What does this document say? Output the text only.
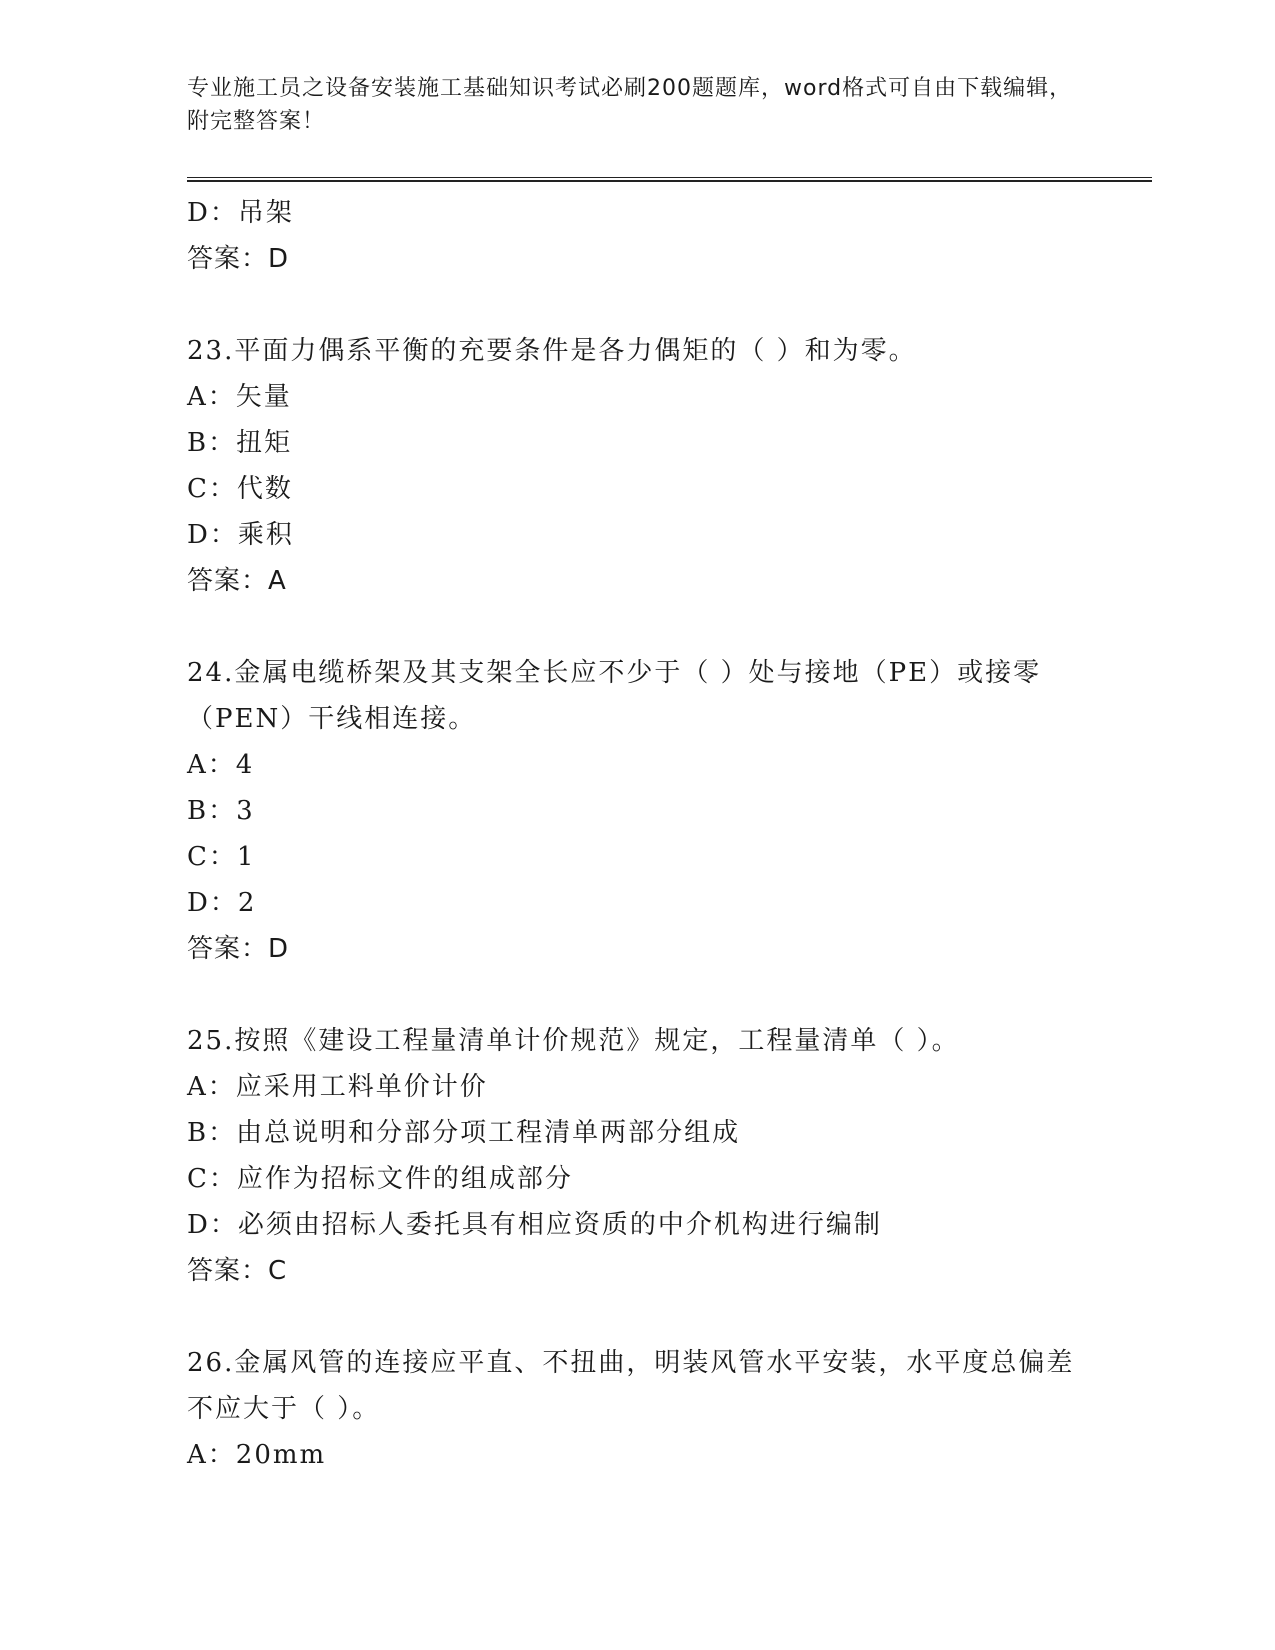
专业施工员之设备安装施工基础知识考试必刷200题题库，word格式可自由下载编辑，附完整答案！
D：吊架
答案：D
23.平面力偶系平衡的充要条件是各力偶矩的（ ）和为零。
A：矢量
B：扭矩
C：代数
D：乘积
答案：A
24.金属电缆桥架及其支架全长应不少于（ ）处与接地（PE）或接零（PEN）干线相连接。
A：4
B：3
C：1
D：2
答案：D
25.按照《建设工程量清单计价规范》规定，工程量清单（ ）。
A：应采用工料单价计价
B：由总说明和分部分项工程清单两部分组成
C：应作为招标文件的组成部分
D：必须由招标人委托具有相应资质的中介机构进行编制
答案：C
26.金属风管的连接应平直、不扭曲，明装风管水平安装，水平度总偏差不应大于（ ）。
A：20mm
